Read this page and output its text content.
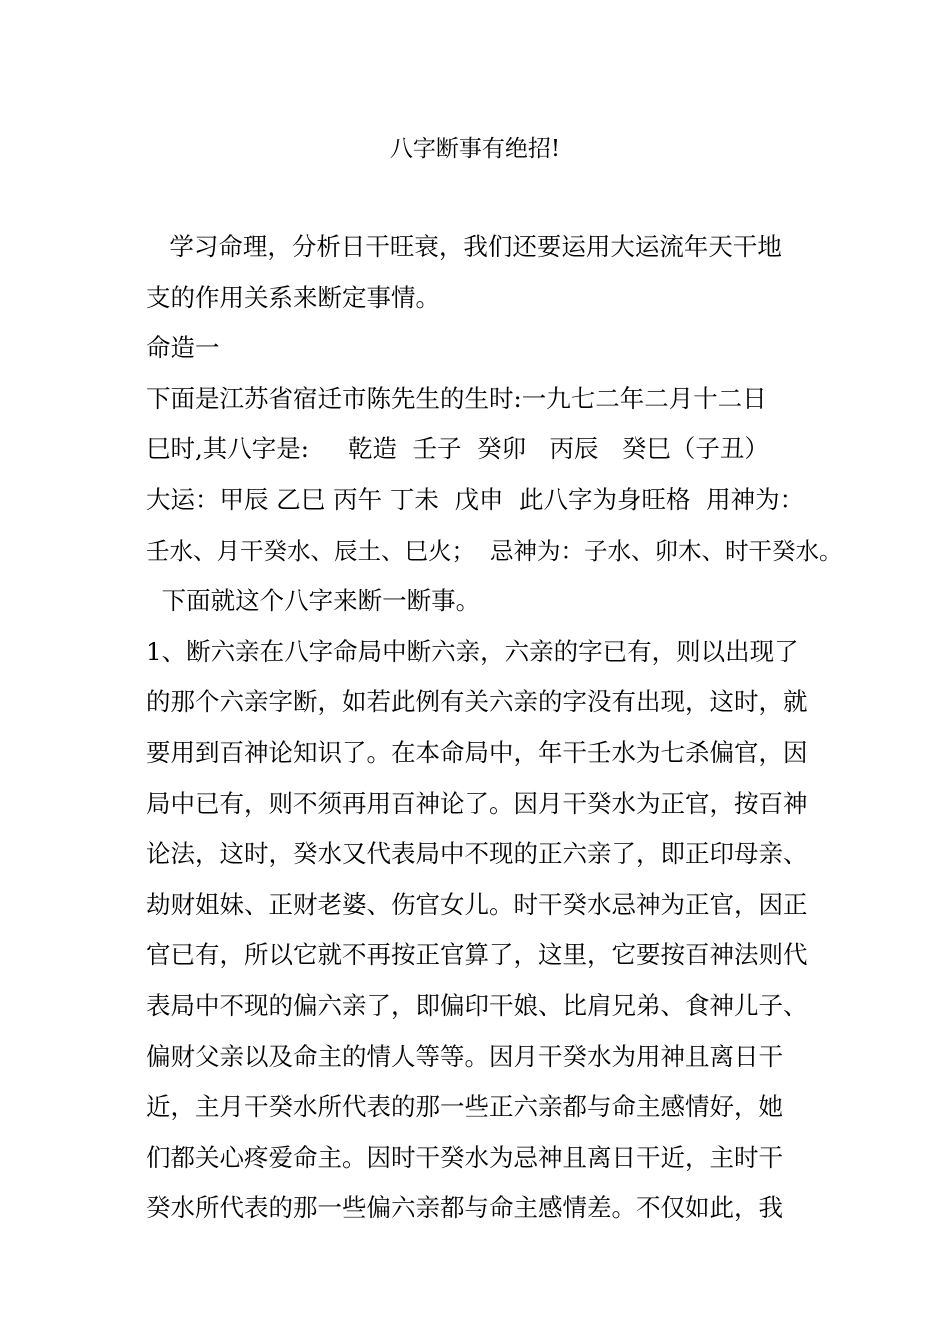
八字断事有绝招!
学习命理，分析日干旺衰，我们还要运用大运流年天干地
支的作用关系来断定事情。
命造一
下面是江苏省宿迁市陈先生的生时:一九七二年二月十二日
巳时,其八字是:     乾造  壬子  癸卯   丙辰   癸巳（子丑）
大运：甲辰 乙巳 丙午 丁未  戊申  此八字为身旺格  用神为：
壬水、月干癸水、辰土、巳火；  忌神为：子水、卯木、时干癸水。
下面就这个八字来断一断事。
1、断六亲在八字命局中断六亲，六亲的字已有，则以出现了
的那个六亲字断，如若此例有关六亲的字没有出现，这时，就
要用到百神论知识了。在本命局中，年干壬水为七杀偏官，因
局中已有，则不须再用百神论了。因月干癸水为正官，按百神
论法，这时，癸水又代表局中不现的正六亲了，即正印母亲、
劫财姐妹、正财老婆、伤官女儿。时干癸水忌神为正官，因正
官已有，所以它就不再按正官算了，这里，它要按百神法则代
表局中不现的偏六亲了，即偏印干娘、比肩兄弟、食神儿子、
偏财父亲以及命主的情人等等。因月干癸水为用神且离日干
近，主月干癸水所代表的那一些正六亲都与命主感情好，她
们都关心疼爱命主。因时干癸水为忌神且离日干近，主时干
癸水所代表的那一些偏六亲都与命主感情差。不仅如此，我
